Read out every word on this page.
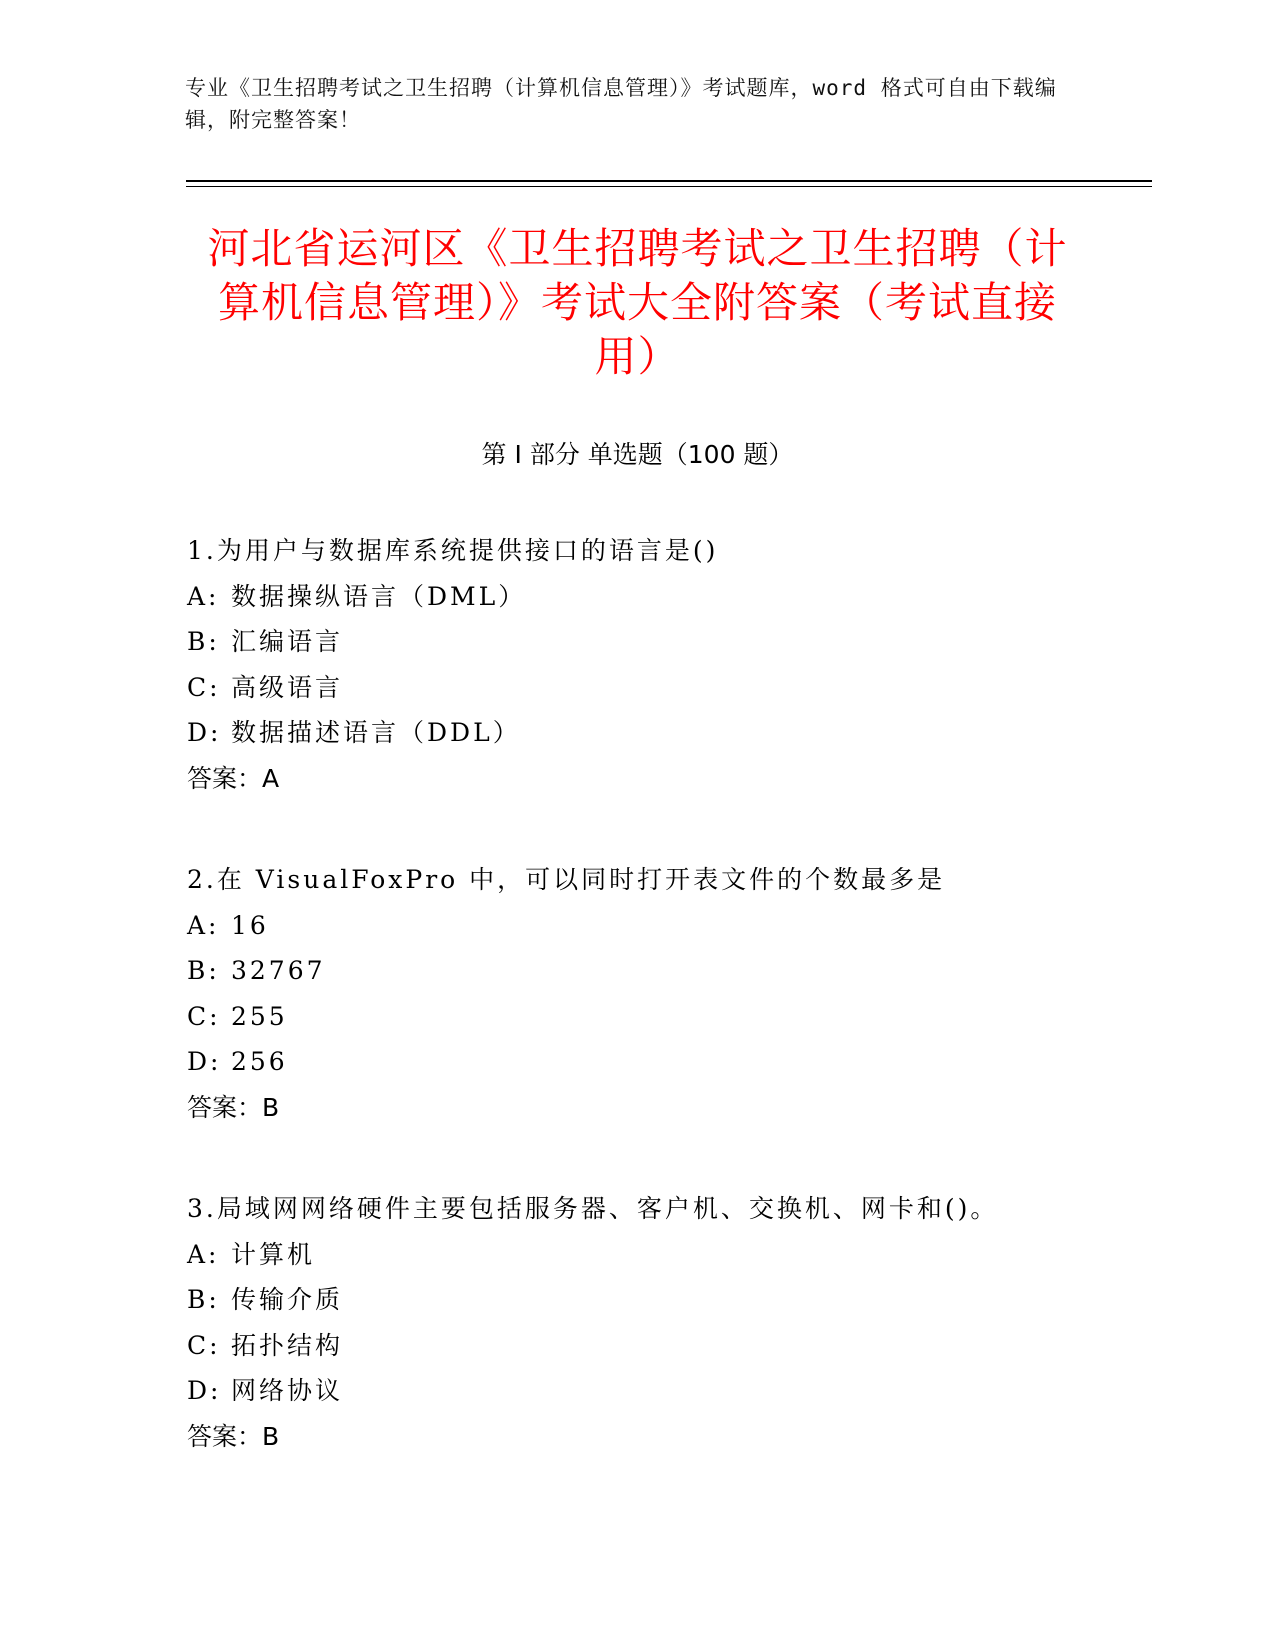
专业《卫生招聘考试之卫生招聘（计算机信息管理）》考试题库，word 格式可自由下载编辑，附完整答案！
河北省运河区《卫生招聘考试之卫生招聘（计算机信息管理）》考试大全附答案（考试直接用）
第 I 部分 单选题（100 题）
1.为用户与数据库系统提供接口的语言是()
A: 数据操纵语言（DML）
B: 汇编语言
C: 高级语言
D: 数据描述语言（DDL）
答案：A
2.在 VisualFoxPro 中，可以同时打开表文件的个数最多是
A: 16
B: 32767
C: 255
D: 256
答案：B
3.局域网网络硬件主要包括服务器、客户机、交换机、网卡和()。
A: 计算机
B: 传输介质
C: 拓扑结构
D: 网络协议
答案：B
